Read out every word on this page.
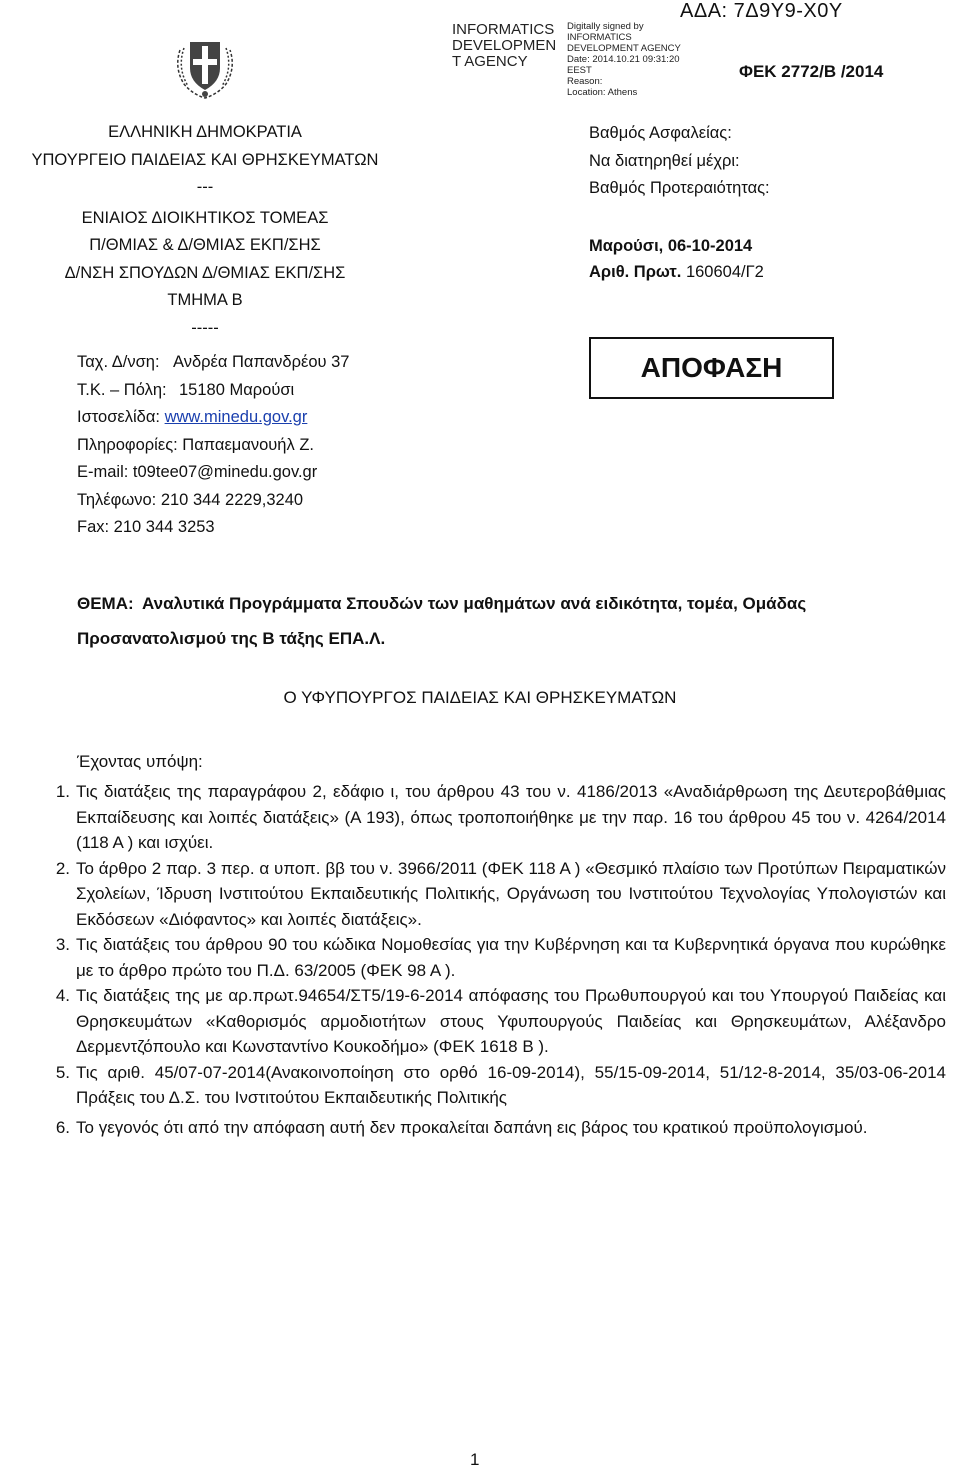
INFORMATICS DEVELOPMEN T AGENCY
Digitally signed by
INFORMATICS
DEVELOPMENT AGENCY
Date: 2014.10.21 09:31:20
EEST
Reason:
Location: Athens
ΑΔΑ: 7Δ9Υ9-Χ0Υ
ΦΕΚ 2772/Β /2014
ΕΛΛΗΝΙΚΗ ΔΗΜΟΚΡΑΤΙΑ
ΥΠΟΥΡΓΕΙΟ ΠΑΙΔΕΙΑΣ ΚΑΙ ΘΡΗΣΚΕΥΜΑΤΩΝ
---
ΕΝΙΑΙΟΣ ΔΙΟΙΚΗΤΙΚΟΣ ΤΟΜΕΑΣ
Π/ΘΜΙΑΣ & Δ/ΘΜΙΑΣ ΕΚΠ/ΣΗΣ
Δ/ΝΣΗ ΣΠΟΥΔΩΝ Δ/ΘΜΙΑΣ ΕΚΠ/ΣΗΣ
ΤΜΗΜΑ Β
-----
Ταχ. Δ/νση: Ανδρέα Παπανδρέου 37
Τ.Κ. – Πόλη: 15180 Μαρούσι
Ιστοσελίδα: www.minedu.gov.gr
Πληροφορίες: Παπαεμανουήλ Ζ.
E-mail: t09tee07@minedu.gov.gr
Τηλέφωνο: 210 344 2229,3240
Fax: 210 344 3253
Βαθμός Ασφαλείας:
Να διατηρηθεί μέχρι:
Βαθμός Προτεραιότητας:
Μαρούσι, 06-10-2014
Αριθ. Πρωτ. 160604/Γ2
ΑΠΟΦΑΣΗ
ΘΕΜΑ: Αναλυτικά Προγράμματα Σπουδών των μαθημάτων ανά ειδικότητα, τομέα, Ομάδας
Προσανατολισμού της Β τάξης ΕΠΑ.Λ.
Ο ΥΦΥΠΟΥΡΓΟΣ ΠΑΙΔΕΙΑΣ ΚΑΙ ΘΡΗΣΚΕΥΜΑΤΩΝ
Έχοντας υπόψη:
1. Τις διατάξεις της παραγράφου 2, εδάφιο ι, του άρθρου 43 του ν. 4186/2013 «Αναδιάρθρωση της Δευτεροβάθμιας Εκπαίδευσης και λοιπές διατάξεις» (Α 193), όπως τροποποιήθηκε με την παρ. 16 του άρθρου 45 του ν. 4264/2014 (118 Α ) και ισχύει.
2. Το άρθρο 2 παρ. 3 περ. α υποπ. ββ του ν. 3966/2011 (ΦΕΚ 118 Α ) «Θεσμικό πλαίσιο των Προτύπων Πειραματικών Σχολείων, Ίδρυση Ινστιτούτου Εκπαιδευτικής Πολιτικής, Οργάνωση του Ινστιτούτου Τεχνολογίας Υπολογιστών και Εκδόσεων «Διόφαντος» και λοιπές διατάξεις».
3. Τις διατάξεις του άρθρου 90 του κώδικα Νομοθεσίας για την Κυβέρνηση και τα Κυβερνητικά όργανα που κυρώθηκε με το άρθρο πρώτο του Π.Δ. 63/2005 (ΦΕΚ 98 Α ).
4. Τις διατάξεις της με αρ.πρωτ.94654/ΣΤ5/19-6-2014 απόφασης του Πρωθυπουργού και του Υπουργού Παιδείας και Θρησκευμάτων «Καθορισμός αρμοδιοτήτων στους Υφυπουργούς Παιδείας και Θρησκευμάτων, Αλέξανδρο Δερμεντζόπουλο και Κωνσταντίνο Κουκοδήμο» (ΦΕΚ 1618 Β ).
5. Τις αριθ. 45/07-07-2014(Ανακοινοποίηση στο ορθό 16-09-2014), 55/15-09-2014, 51/12-8-2014, 35/03-06-2014 Πράξεις του Δ.Σ. του Ινστιτούτου Εκπαιδευτικής Πολιτικής
6. Το γεγονός ότι από την απόφαση αυτή δεν προκαλείται δαπάνη εις βάρος του κρατικού προϋπολογισμού.
1
